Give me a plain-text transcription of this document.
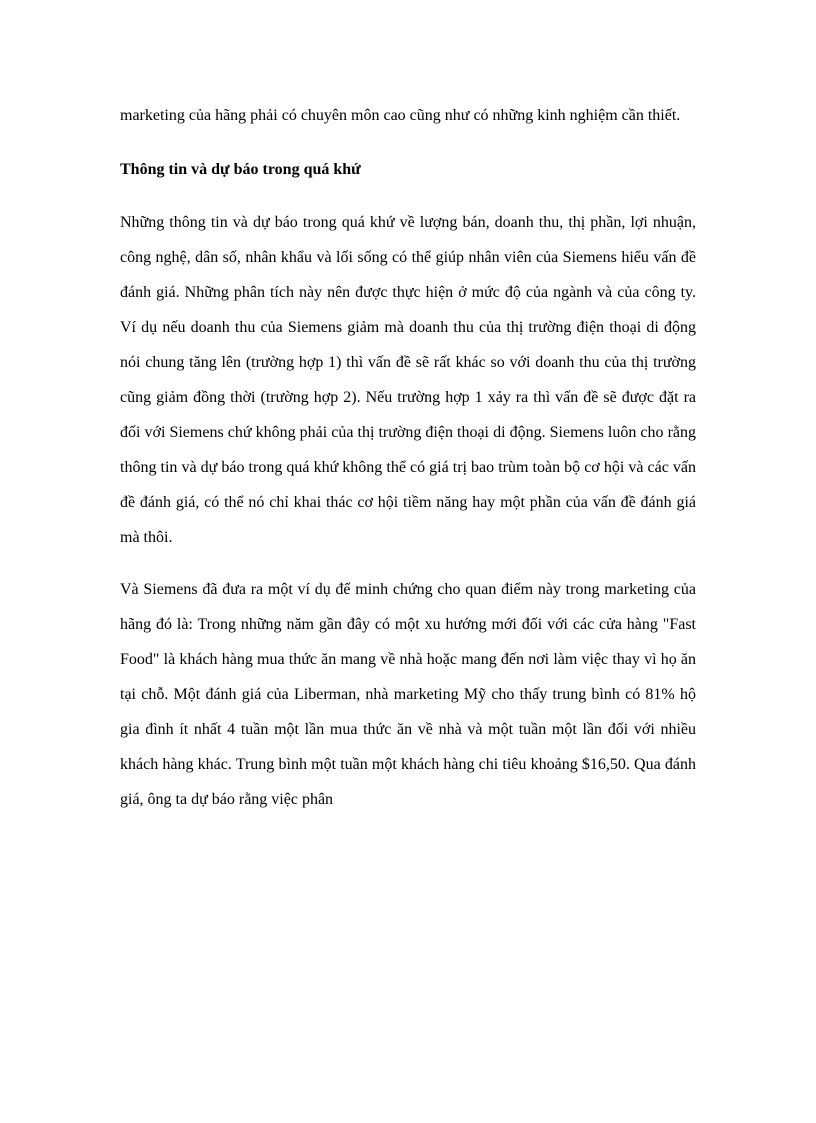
marketing của hãng phải có chuyên môn cao cũng như có những kinh nghiệm cần thiết.

Thông tin và dự báo trong quá khứ

Những thông tin và dự báo trong quá khứ về lượng bán, doanh thu, thị phần, lợi nhuận, công nghệ, dân số, nhân khẩu và lối sống có thể giúp nhân viên của Siemens hiểu vấn đề đánh giá. Những phân tích này nên được thực hiện ở mức độ của ngành và của công ty. Ví dụ nếu doanh thu của Siemens giảm mà doanh thu của thị trường điện thoại di động nói chung tăng lên (trường hợp 1) thì vấn đề sẽ rất khác so với doanh thu của thị trường cũng giảm đồng thời (trường hợp 2). Nếu trường hợp 1 xảy ra thì vấn đề sẽ được đặt ra đối với Siemens chứ không phải của thị trường điện thoại di động. Siemens luôn cho rằng thông tin và dự báo trong quá khứ không thể có giá trị bao trùm toàn bộ cơ hội và các vấn đề đánh giá, có thể nó chỉ khai thác cơ hội tiềm năng hay một phần của vấn đề đánh giá mà thôi.

Và Siemens đã đưa ra một ví dụ để minh chứng cho quan điểm này trong marketing của hãng đó là: Trong những năm gần đây có một xu hướng mới đối với các cửa hàng "Fast Food" là khách hàng mua thức ăn mang về nhà hoặc mang đến nơi làm việc thay vì họ ăn tại chỗ. Một đánh giá của Liberman, nhà marketing Mỹ cho thấy trung bình có 81% hộ gia đình ít nhất 4 tuần một lần mua thức ăn về nhà và một tuần một lần đối với nhiều khách hàng khác. Trung bình một tuần một khách hàng chi tiêu khoảng $16,50. Qua đánh giá, ông ta dự báo rằng việc phân
